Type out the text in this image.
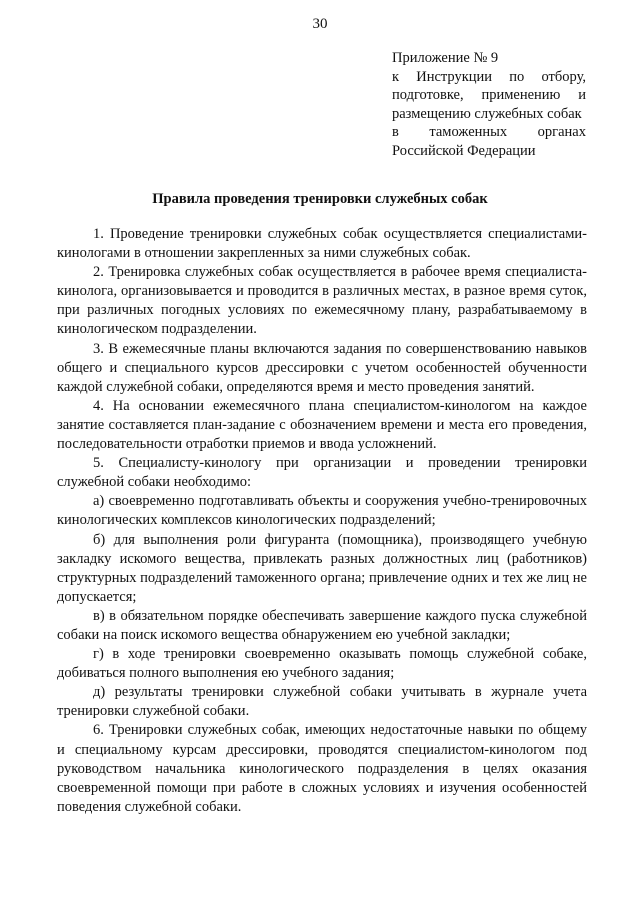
30
Приложение № 9
к Инструкции по отбору,
подготовке, применению и
размещению служебных собак
в таможенных органах
Российской Федерации
Правила проведения тренировки служебных собак

1. Проведение тренировки служебных собак осуществляется специалистами-кинологами в отношении закрепленных за ними служебных собак.

2. Тренировка служебных собак осуществляется в рабочее время специалиста-кинолога, организовывается и проводится в различных местах, в разное время суток, при различных погодных условиях по ежемесячному плану, разрабатываемому в кинологическом подразделении.

3. В ежемесячные планы включаются задания по совершенствованию навыков общего и специального курсов дрессировки с учетом особенностей обученности каждой служебной собаки, определяются время и место проведения занятий.

4. На основании ежемесячного плана специалистом-кинологом на каждое занятие составляется план-задание с обозначением времени и места его проведения, последовательности отработки приемов и ввода усложнений.

5. Специалисту-кинологу при организации и проведении тренировки служебной собаки необходимо:

а) своевременно подготавливать объекты и сооружения учебно-тренировочных кинологических комплексов кинологических подразделений;

б) для выполнения роли фигуранта (помощника), производящего учебную закладку искомого вещества, привлекать разных должностных лиц (работников) структурных подразделений таможенного органа; привлечение одних и тех же лиц не допускается;

в) в обязательном порядке обеспечивать завершение каждого пуска служебной собаки на поиск искомого вещества обнаружением ею учебной закладки;

г) в ходе тренировки своевременно оказывать помощь служебной собаке, добиваться полного выполнения ею учебного задания;

д) результаты тренировки служебной собаки учитывать в журнале учета тренировки служебной собаки.

6. Тренировки служебных собак, имеющих недостаточные навыки по общему и специальному курсам дрессировки, проводятся специалистом-кинологом под руководством начальника кинологического подразделения в целях оказания своевременной помощи при работе в сложных условиях и изучения особенностей поведения служебной собаки.
